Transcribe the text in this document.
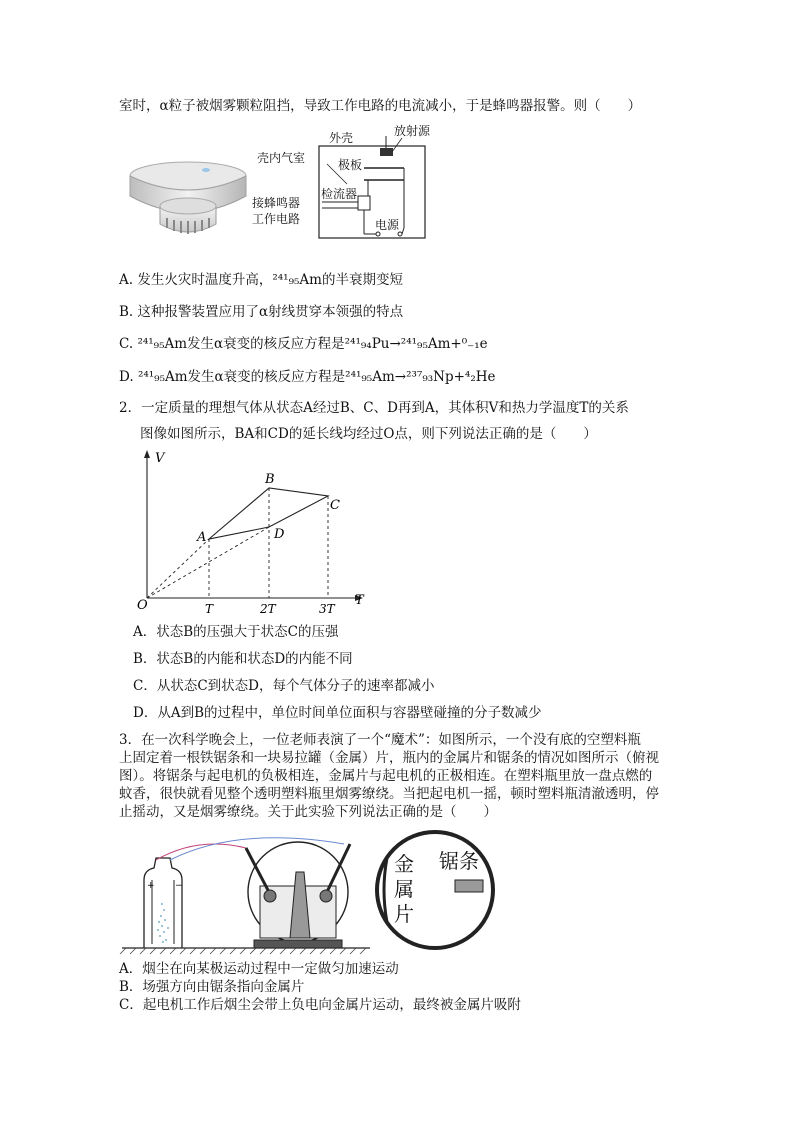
室时，α粒子被烟雾颗粒阻挡，导致工作电路的电流减小，于是蜂鸣器报警。则（　　）
外壳	放射源
壳内气室	极板
检流器
接蜂鸣器
工作电路	电源
A. 发生火灾时温度升高，²⁴¹₉₅Am的半衰期变短
B. 这种报警装置应用了α射线贯穿本领强的特点
C. ²⁴¹₉₅Am发生α衰变的核反应方程是²⁴¹₉₄Pu→²⁴¹₉₅Am+⁰₋₁e
D. ²⁴¹₉₅Am发生α衰变的核反应方程是²⁴¹₉₅Am→²³⁷₉₃Np+⁴₂He
2．一定质量的理想气体从状态A经过B、C、D再到A，其体积V和热力学温度T的关系
图像如图所示，BA和CD的延长线均经过O点，则下列说法正确的是（　　）
V
T
O	T	2T	3T
A
B
C
D
A．状态B的压强大于状态C的压强
B．状态B的内能和状态D的内能不同
C．从状态C到状态D，每个气体分子的速率都减小
D．从A到B的过程中，单位时间单位面积与容器壁碰撞的分子数减少
3．在一次科学晚会上，一位老师表演了一个“魔术”：如图所示，一个没有底的空塑料瓶
上固定着一根铁锯条和一块易拉罐（金属）片，瓶内的金属片和锯条的情况如图所示（俯视
图）。将锯条与起电机的负极相连，金属片与起电机的正极相连。在塑料瓶里放一盘点燃的
蚊香，很快就看见整个透明塑料瓶里烟雾缭绕。当把起电机一摇，顿时塑料瓶清澈透明，停
止摇动，又是烟雾缭绕。关于此实验下列说法正确的是（　　）
+ −
金
属
片
锯条
A．烟尘在向某极运动过程中一定做匀加速运动
B．场强方向由锯条指向金属片
C．起电机工作后烟尘会带上负电向金属片运动，最终被金属片吸附
